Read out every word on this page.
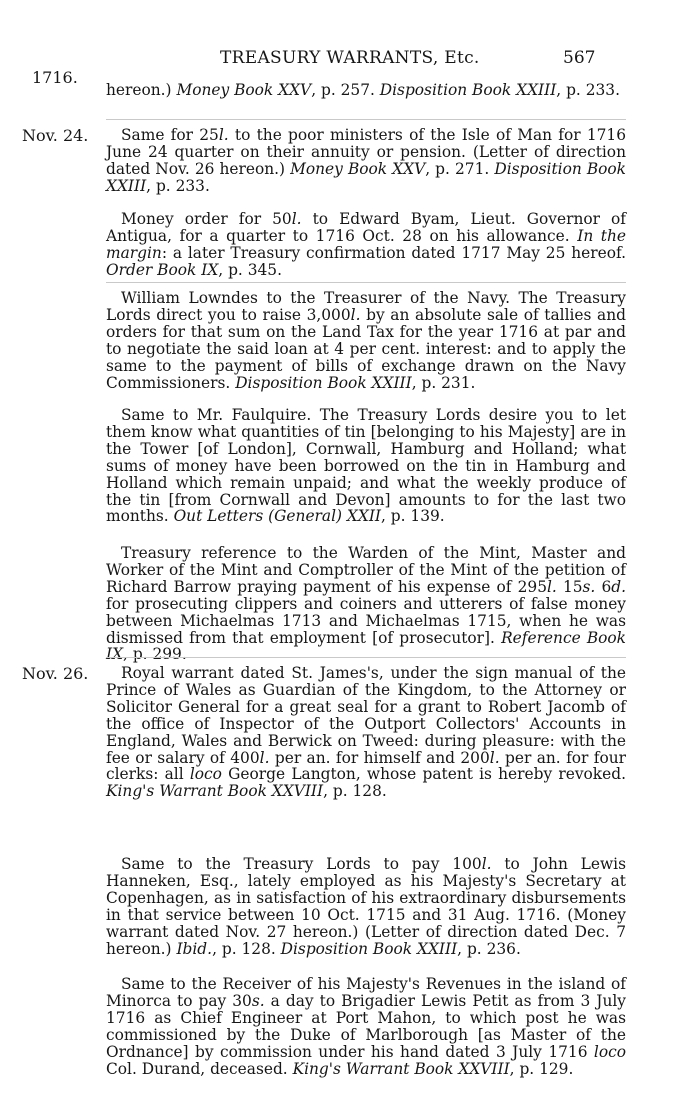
TREASURY WARRANTS, Etc.	567
1716.
hereon.) Money Book XXV, p. 257. Disposition Book XXIII, p. 233.
Nov. 24.	Same for 25l. to the poor ministers of the Isle of Man for 1716 June 24 quarter on their annuity or pension. (Letter of direction dated Nov. 26 hereon.) Money Book XXV, p. 271. Disposition Book XXIII, p. 233.
Money order for 50l. to Edward Byam, Lieut. Governor of Antigua, for a quarter to 1716 Oct. 28 on his allowance. In the margin: a later Treasury confirmation dated 1717 May 25 hereof. Order Book IX, p. 345.
William Lowndes to the Treasurer of the Navy. The Treasury Lords direct you to raise 3,000l. by an absolute sale of tallies and orders for that sum on the Land Tax for the year 1716 at par and to negotiate the said loan at 4 per cent. interest: and to apply the same to the payment of bills of exchange drawn on the Navy Commissioners. Disposition Book XXIII, p. 231.
Same to Mr. Faulquire. The Treasury Lords desire you to let them know what quantities of tin [belonging to his Majesty] are in the Tower [of London], Cornwall, Hamburg and Holland; what sums of money have been borrowed on the tin in Hamburg and Holland which remain unpaid; and what the weekly produce of the tin [from Cornwall and Devon] amounts to for the last two months. Out Letters (General) XXII, p. 139.
Treasury reference to the Warden of the Mint, Master and Worker of the Mint and Comptroller of the Mint of the petition of Richard Barrow praying payment of his expense of 295l. 15s. 6d. for prosecuting clippers and coiners and utterers of false money between Michaelmas 1713 and Michaelmas 1715, when he was dismissed from that employment [of prosecutor]. Reference Book IX, p. 299.
Nov. 26.	Royal warrant dated St. James's, under the sign manual of the Prince of Wales as Guardian of the Kingdom, to the Attorney or Solicitor General for a great seal for a grant to Robert Jacomb of the office of Inspector of the Outport Collectors' Accounts in England, Wales and Berwick on Tweed: during pleasure: with the fee or salary of 400l. per an. for himself and 200l. per an. for four clerks: all loco George Langton, whose patent is hereby revoked. King's Warrant Book XXVIII, p. 128.
Same to the Treasury Lords to pay 100l. to John Lewis Hanneken, Esq., lately employed as his Majesty's Secretary at Copenhagen, as in satisfaction of his extraordinary disbursements in that service between 10 Oct. 1715 and 31 Aug. 1716. (Money warrant dated Nov. 27 hereon.) (Letter of direction dated Dec. 7 hereon.) Ibid., p. 128. Disposition Book XXIII, p. 236.
Same to the Receiver of his Majesty's Revenues in the island of Minorca to pay 30s. a day to Brigadier Lewis Petit as from 3 July 1716 as Chief Engineer at Port Mahon, to which post he was commissioned by the Duke of Marlborough [as Master of the Ordnance] by commission under his hand dated 3 July 1716 loco Col. Durand, deceased. King's Warrant Book XXVIII, p. 129.
